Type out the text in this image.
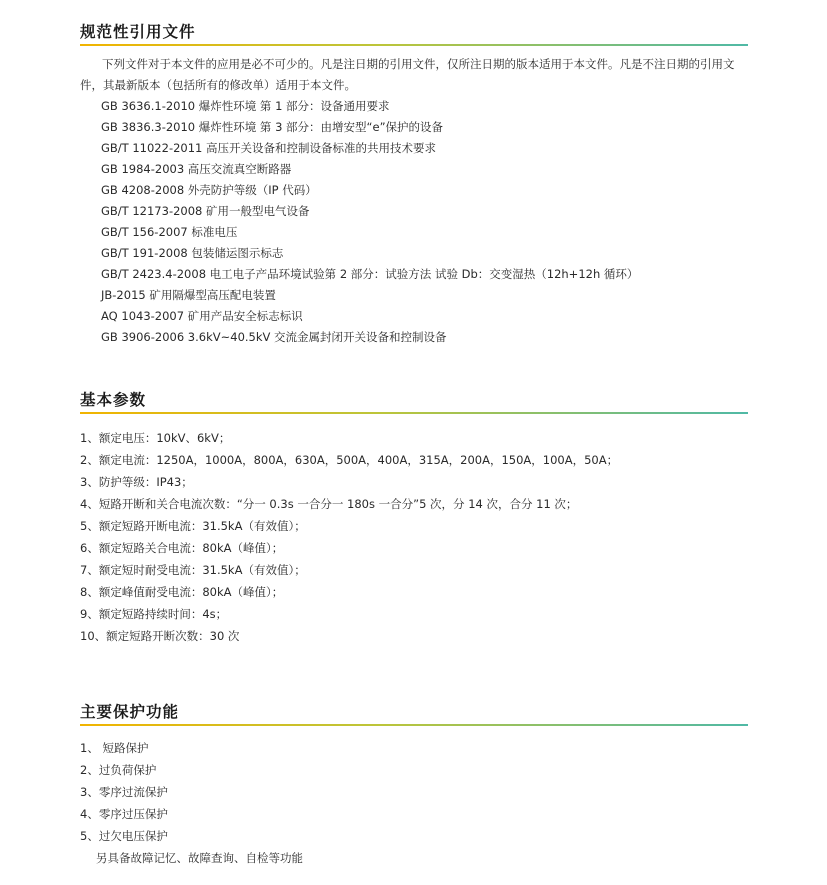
规范性引用文件
下列文件对于本文件的应用是必不可少的。凡是注日期的引用文件，仅所注日期的版本适用于本文件。凡是不注日期的引用文件，其最新版本（包括所有的修改单）适用于本文件。
GB 3636.1-2010 爆炸性环境 第 1 部分：设备通用要求
GB 3836.3-2010 爆炸性环境 第 3 部分：由增安型“e”保护的设备
GB/T 11022-2011 高压开关设备和控制设备标准的共用技术要求
GB 1984-2003 高压交流真空断路器
GB 4208-2008 外壳防护等级（IP 代码）
GB/T 12173-2008 矿用一般型电气设备
GB/T 156-2007 标准电压
GB/T 191-2008 包装储运图示标志
GB/T 2423.4-2008 电工电子产品环境试验第 2 部分：试验方法 试验 Db：交变湿热（12h+12h 循环）
JB-2015 矿用隔爆型高压配电装置
AQ 1043-2007 矿用产品安全标志标识
GB 3906-2006 3.6kV~40.5kV 交流金属封闭开关设备和控制设备
基本参数
1、额定电压：10kV、6kV；
2、额定电流：1250A，1000A，800A，630A，500A，400A，315A，200A，150A，100A，50A；
3、防护等级：IP43；
4、短路开断和关合电流次数：“分一 0.3s 一合分一 180s 一合分”5 次，分 14 次，合分 11 次；
5、额定短路开断电流：31.5kA（有效值）；
6、额定短路关合电流：80kA（峰值）；
7、额定短时耐受电流：31.5kA（有效值）；
8、额定峰值耐受电流：80kA（峰值）；
9、额定短路持续时间：4s；
10、额定短路开断次数：30 次
主要保护功能
1、 短路保护
2、过负荷保护
3、零序过流保护
4、零序过压保护
5、过欠电压保护
另具备故障记忆、故障查询、自检等功能
